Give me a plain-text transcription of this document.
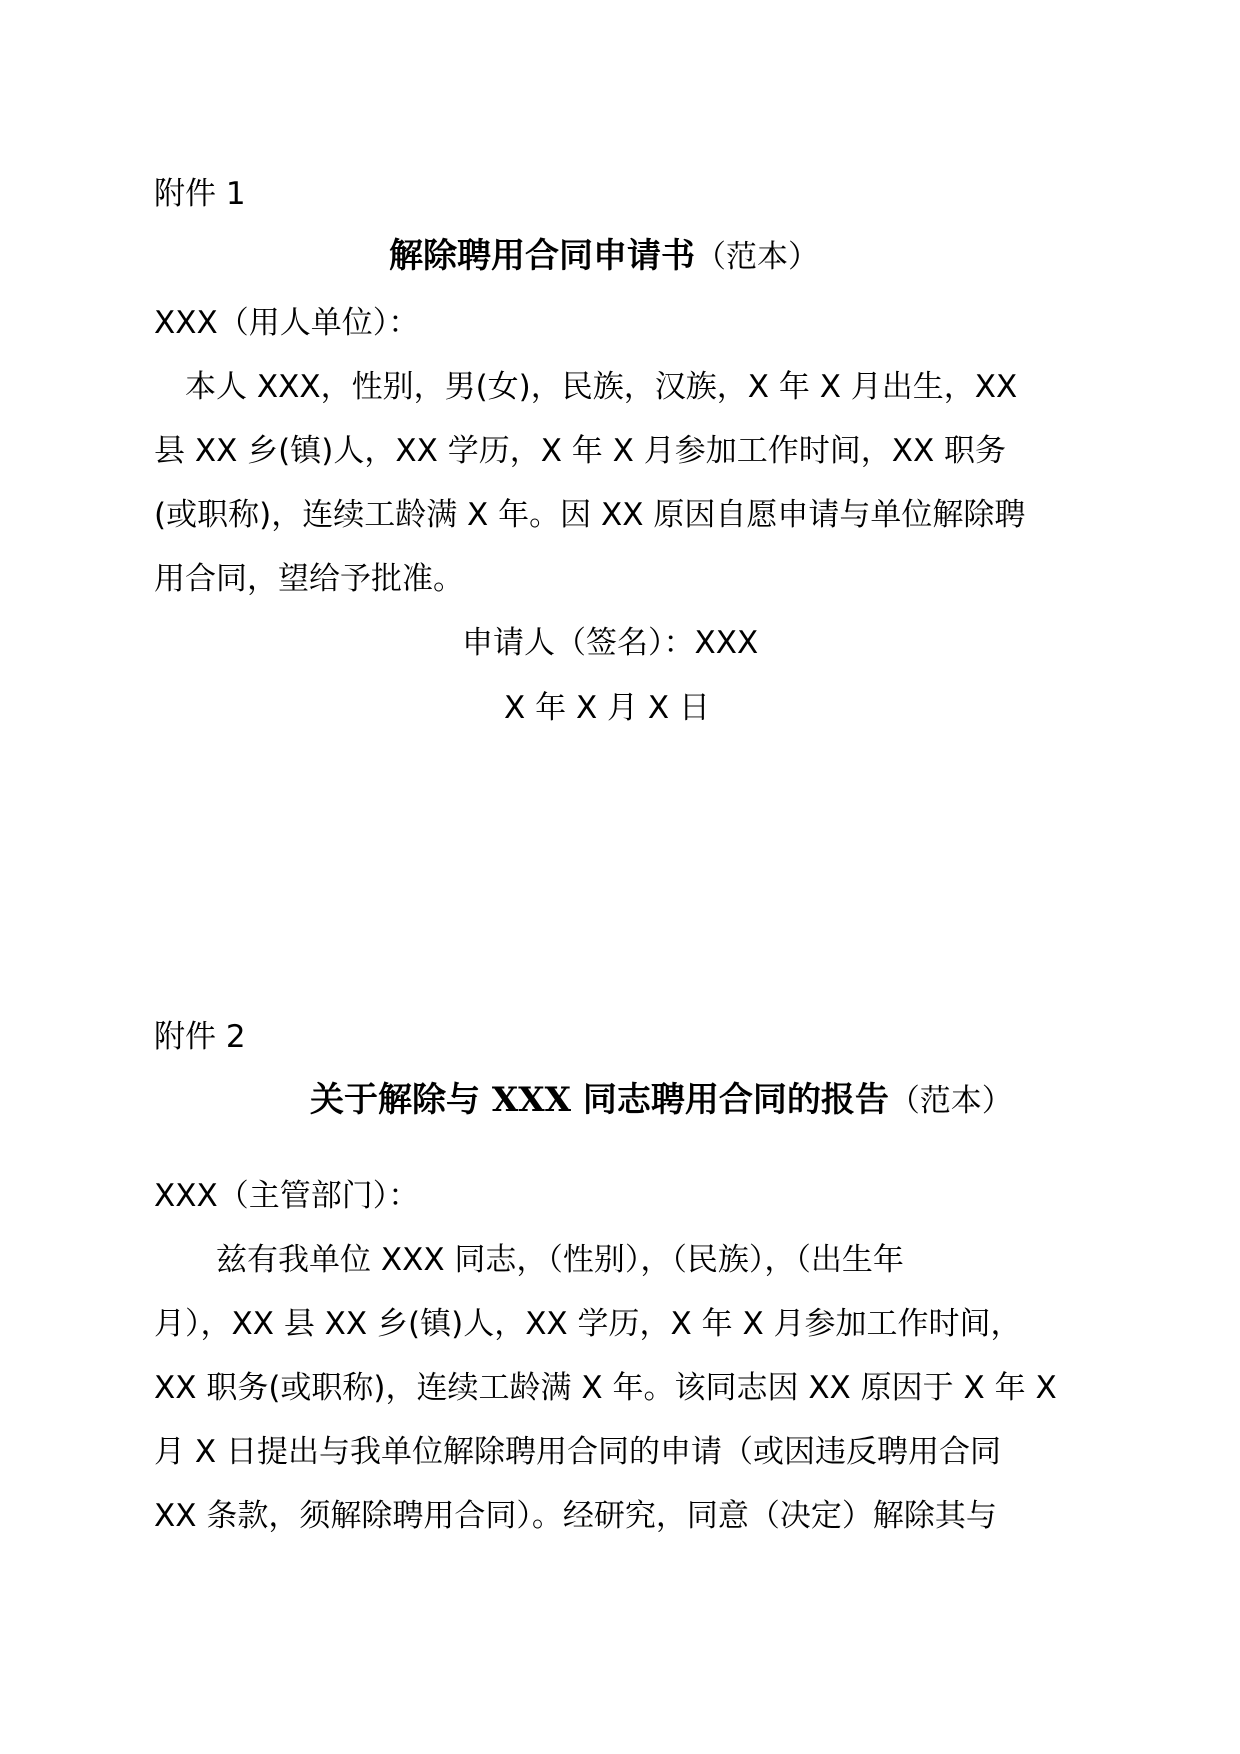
附件 1
解除聘用合同申请书（范本）
XXX（用人单位）：
　本人 XXX，性别，男(女)，民族，汉族，X 年 X 月出生，XX
县 XX 乡(镇)人，XX 学历，X 年 X 月参加工作时间，XX 职务
(或职称)，连续工龄满 X 年。因 XX 原因自愿申请与单位解除聘
用合同，望给予批准。
申请人（签名）：XXX
X 年 X 月 X 日
附件 2
关于解除与 XXX 同志聘用合同的报告（范本）
XXX（主管部门）：
　　兹有我单位 XXX 同志，（性别），（民族），（出生年
月），XX 县 XX 乡(镇)人，XX 学历，X 年 X 月参加工作时间，
XX 职务(或职称)，连续工龄满 X 年。该同志因 XX 原因于 X 年 X
月 X 日提出与我单位解除聘用合同的申请（或因违反聘用合同
XX 条款，须解除聘用合同）。经研究，同意（决定）解除其与
